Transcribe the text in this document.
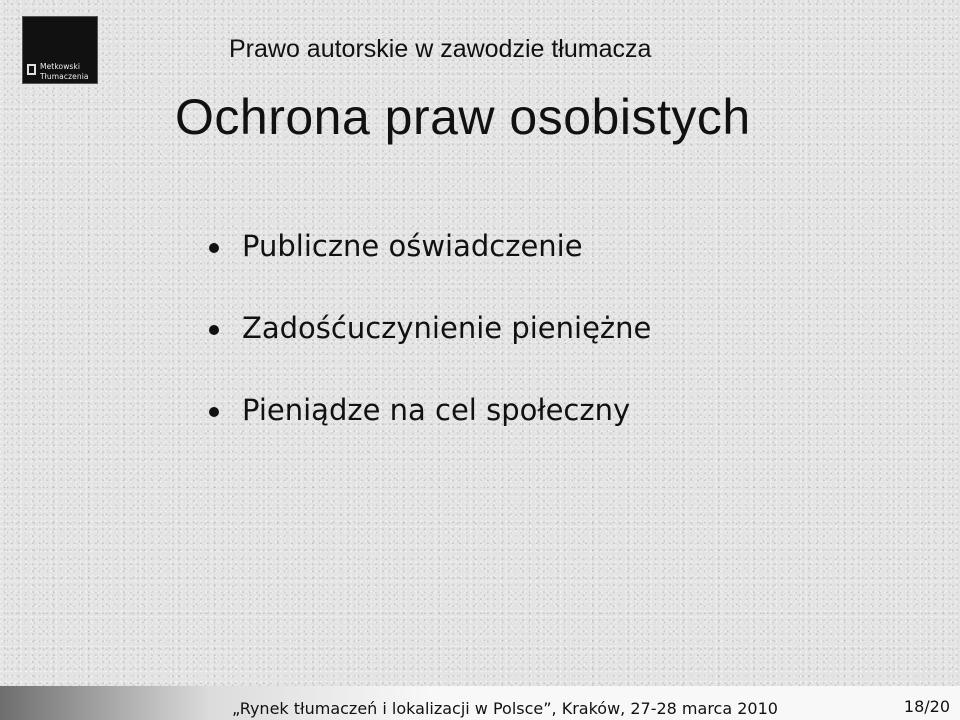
Metkowski
Tłumaczenia
Prawo autorskie w zawodzie tłumacza
Ochrona praw osobistych
Publiczne oświadczenie
Zadośćuczynienie pieniężne
Pieniądze na cel społeczny
„Rynek tłumaczeń i lokalizacji w Polsce”, Kraków, 27-28 marca 2010	18/20
